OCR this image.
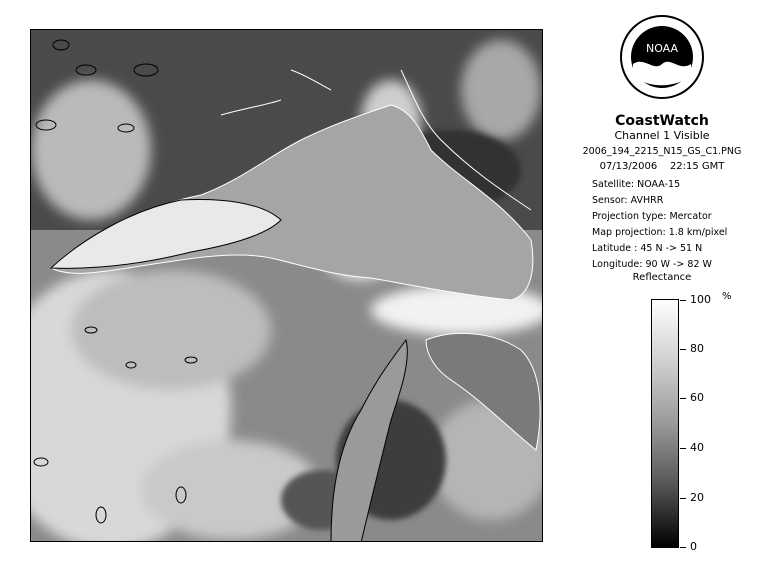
NOAA
CoastWatch
Channel 1 Visible
2006_194_2215_N15_GS_C1.PNG
07/13/2006 22:15 GMT
Satellite: NOAA-15
Sensor: AVHRR
Projection type: Mercator
Map projection: 1.8 km/pixel
Latitude : 45 N -> 51 N
Longitude: 90 W -> 82 W
Reflectance
%
100
80
60
40
20
0
